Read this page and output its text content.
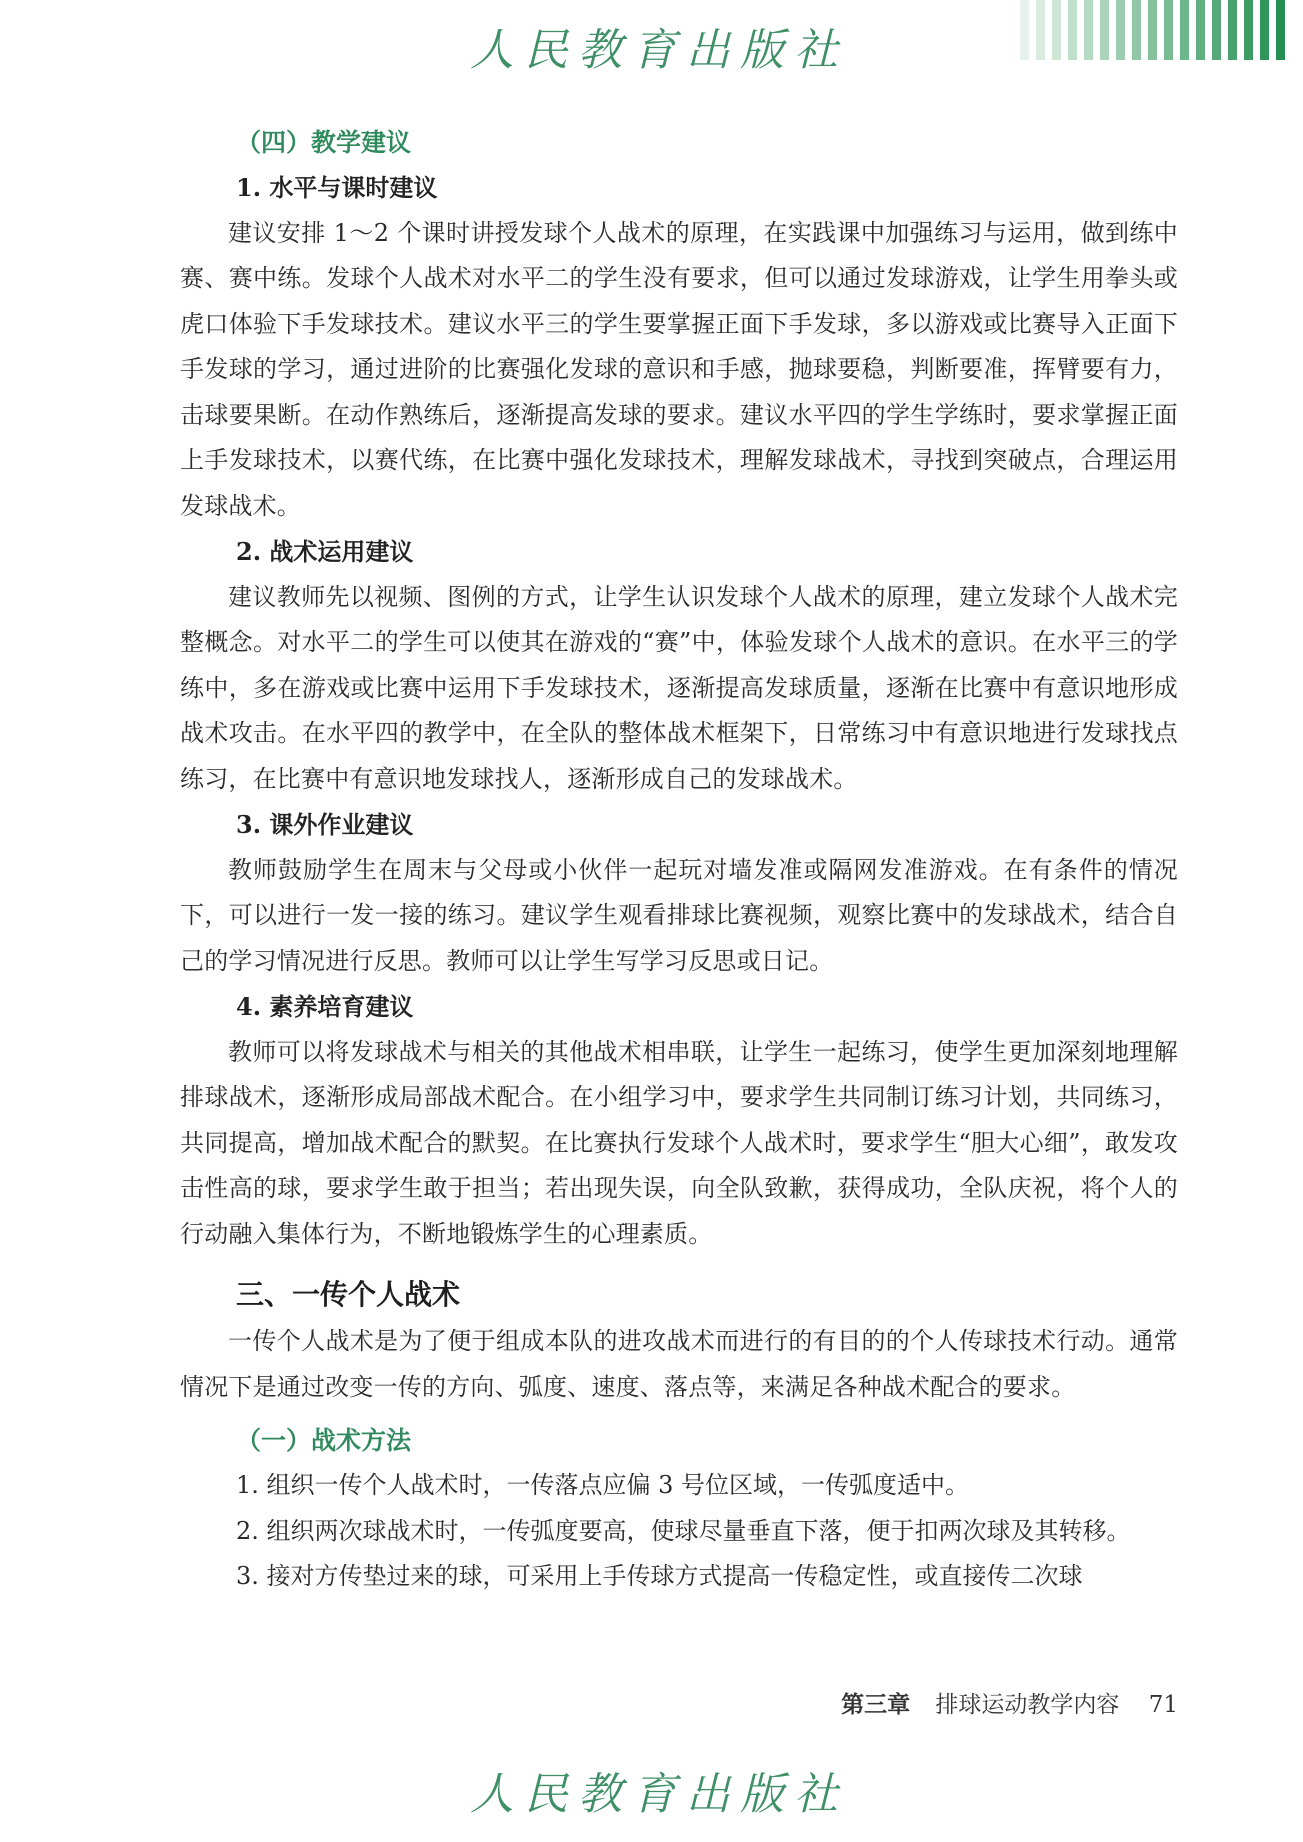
人民教育出版社

（四）教学建议

1. 水平与课时建议

建议安排 1～2 个课时讲授发球个人战术的原理，在实践课中加强练习与运用，做到练中赛、赛中练。发球个人战术对水平二的学生没有要求，但可以通过发球游戏，让学生用拳头或虎口体验下手发球技术。建议水平三的学生要掌握正面下手发球，多以游戏或比赛导入正面下手发球的学习，通过进阶的比赛强化发球的意识和手感，抛球要稳，判断要准，挥臂要有力，击球要果断。在动作熟练后，逐渐提高发球的要求。建议水平四的学生学练时，要求掌握正面上手发球技术，以赛代练，在比赛中强化发球技术，理解发球战术，寻找到突破点，合理运用发球战术。

2. 战术运用建议

建议教师先以视频、图例的方式，让学生认识发球个人战术的原理，建立发球个人战术完整概念。对水平二的学生可以使其在游戏的“赛”中，体验发球个人战术的意识。在水平三的学练中，多在游戏或比赛中运用下手发球技术，逐渐提高发球质量，逐渐在比赛中有意识地形成战术攻击。在水平四的教学中，在全队的整体战术框架下，日常练习中有意识地进行发球找点练习，在比赛中有意识地发球找人，逐渐形成自己的发球战术。

3. 课外作业建议

教师鼓励学生在周末与父母或小伙伴一起玩对墙发准或隔网发准游戏。在有条件的情况下，可以进行一发一接的练习。建议学生观看排球比赛视频，观察比赛中的发球战术，结合自己的学习情况进行反思。教师可以让学生写学习反思或日记。

4. 素养培育建议

教师可以将发球战术与相关的其他战术相串联，让学生一起练习，使学生更加深刻地理解排球战术，逐渐形成局部战术配合。在小组学习中，要求学生共同制订练习计划，共同练习，共同提高，增加战术配合的默契。在比赛执行发球个人战术时，要求学生“胆大心细”，敢发攻击性高的球，要求学生敢于担当；若出现失误，向全队致歉，获得成功，全队庆祝，将个人的行动融入集体行为，不断地锻炼学生的心理素质。

三、一传个人战术

一传个人战术是为了便于组成本队的进攻战术而进行的有目的的个人传球技术行动。通常情况下是通过改变一传的方向、弧度、速度、落点等，来满足各种战术配合的要求。

（一）战术方法

1. 组织一传个人战术时，一传落点应偏 3 号位区域，一传弧度适中。

2. 组织两次球战术时，一传弧度要高，使球尽量垂直下落，便于扣两次球及其转移。

3. 接对方传垫过来的球，可采用上手传球方式提高一传稳定性，或直接传二次球

第三章 排球运动教学内容 71
人民教育出版社
